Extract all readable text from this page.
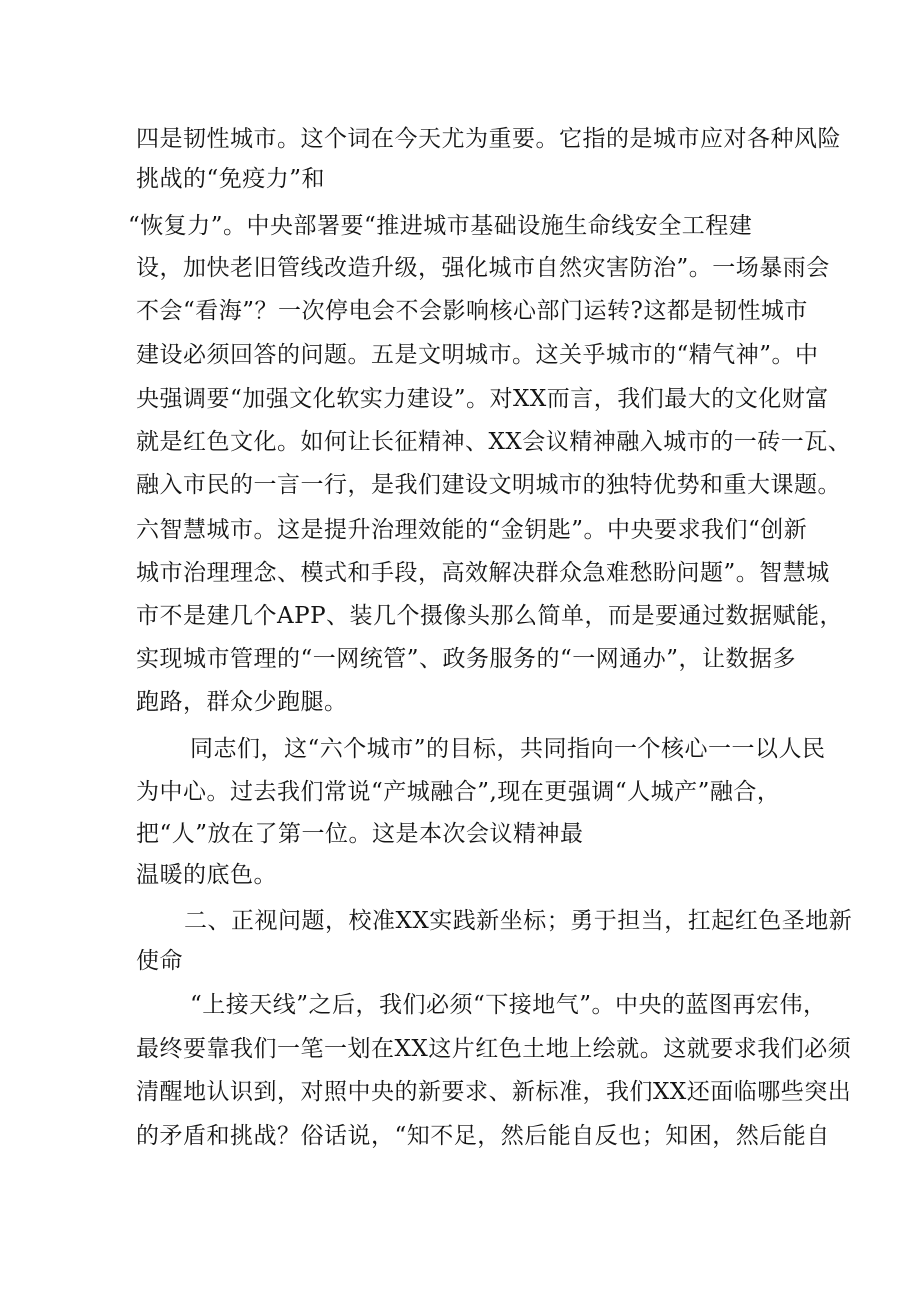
四是韧性城市。这个词在今天尤为重要。它指的是城市应对各种风险

挑战的“免疫力”和

“恢复力”。中央部署要“推进城市基础设施生命线安全工程建

设，加快老旧管线改造升级，强化城市自然灾害防治”。一场暴雨会

不会“看海”？一次停电会不会影响核心部门运转?这都是韧性城市

建设必须回答的问题。五是文明城市。这关乎城市的“精气神”。中

央强调要“加强文化软实力建设”。对XX而言，我们最大的文化财富

就是红色文化。如何让长征精神、XX会议精神融入城市的一砖一瓦、

融入市民的一言一行，是我们建设文明城市的独特优势和重大课题。

六智慧城市。这是提升治理效能的“金钥匙”。中央要求我们“创新

城市治理理念、模式和手段，高效解决群众急难愁盼问题”。智慧城

市不是建几个APP、装几个摄像头那么简单，而是要通过数据赋能，

实现城市管理的“一网统管”、政务服务的“一网通办”，让数据多

跑路，群众少跑腿。

同志们，这“六个城市”的目标，共同指向一个核心一一以人民

为中心。过去我们常说“产城融合”,现在更强调“人城产”融合，

把“人”放在了第一位。这是本次会议精神最

温暖的底色。

二、正视问题，校准XX实践新坐标；勇于担当，扛起红色圣地新

使命

“上接天线”之后，我们必须“下接地气”。中央的蓝图再宏伟，

最终要靠我们一笔一划在XX这片红色土地上绘就。这就要求我们必须

清醒地认识到，对照中央的新要求、新标准，我们XX还面临哪些突出

的矛盾和挑战？俗话说，“知不足，然后能自反也；知困，然后能自
